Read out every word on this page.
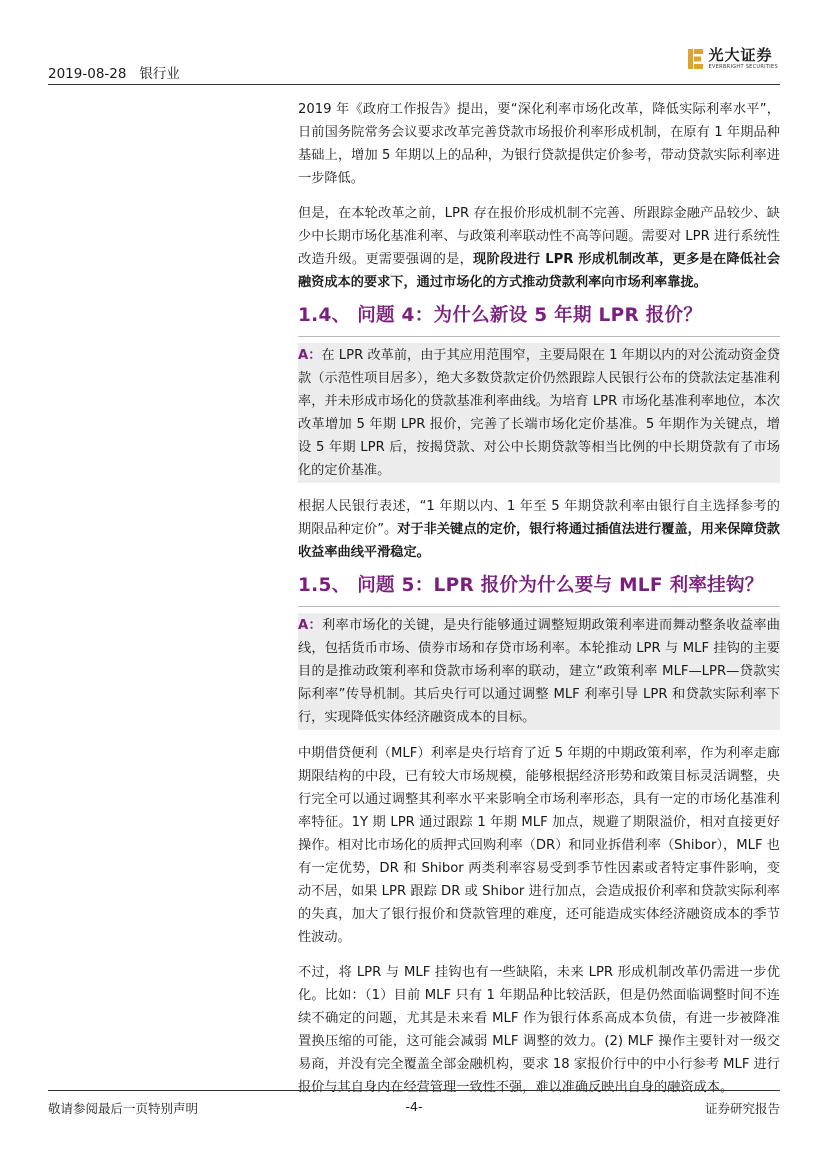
2019-08-28 银行业
光大证券
EVERBRIGHT SECURITIES

2019 年《政府工作报告》提出，要“深化利率市场化改革，降低实际利率水平”，日前国务院常务会议要求改革完善贷款市场报价利率形成机制，在原有 1 年期品种基础上，增加 5 年期以上的品种，为银行贷款提供定价参考，带动贷款实际利率进一步降低。

但是，在本轮改革之前，LPR 存在报价形成机制不完善、所跟踪金融产品较少、缺少中长期市场化基准利率、与政策利率联动性不高等问题。需要对 LPR 进行系统性改造升级。更需要强调的是，现阶段进行 LPR 形成机制改革，更多是在降低社会融资成本的要求下，通过市场化的方式推动贷款利率向市场利率靠拢。

1.4、 问题 4：为什么新设 5 年期 LPR 报价？

A：在 LPR 改革前，由于其应用范围窄，主要局限在 1 年期以内的对公流动资金贷款（示范性项目居多），绝大多数贷款定价仍然跟踪人民银行公布的贷款法定基准利率，并未形成市场化的贷款基准利率曲线。为培育 LPR 市场化基准利率地位，本次改革增加 5 年期 LPR 报价，完善了长端市场化定价基准。5 年期作为关键点，增设 5 年期 LPR 后，按揭贷款、对公中长期贷款等相当比例的中长期贷款有了市场化的定价基准。

根据人民银行表述，“1 年期以内、1 年至 5 年期贷款利率由银行自主选择参考的期限品种定价”。对于非关键点的定价，银行将通过插值法进行覆盖，用来保障贷款收益率曲线平滑稳定。

1.5、 问题 5：LPR 报价为什么要与 MLF 利率挂钩？

A：利率市场化的关键，是央行能够通过调整短期政策利率进而舞动整条收益率曲线，包括货币市场、债券市场和存贷市场利率。本轮推动 LPR 与 MLF 挂钩的主要目的是推动政策利率和贷款市场利率的联动，建立“政策利率 MLF—LPR—贷款实际利率”传导机制。其后央行可以通过调整 MLF 利率引导 LPR 和贷款实际利率下行，实现降低实体经济融资成本的目标。

中期借贷便利（MLF）利率是央行培育了近 5 年期的中期政策利率，作为利率走廊期限结构的中段，已有较大市场规模，能够根据经济形势和政策目标灵活调整，央行完全可以通过调整其利率水平来影响全市场利率形态，具有一定的市场化基准利率特征。1Y 期 LPR 通过跟踪 1 年期 MLF 加点，规避了期限溢价，相对直接更好操作。相对比市场化的质押式回购利率（DR）和同业拆借利率（Shibor），MLF 也有一定优势，DR 和 Shibor 两类利率容易受到季节性因素或者特定事件影响，变动不居，如果 LPR 跟踪 DR 或 Shibor 进行加点，会造成报价利率和贷款实际利率的失真，加大了银行报价和贷款管理的难度，还可能造成实体经济融资成本的季节性波动。

不过，将 LPR 与 MLF 挂钩也有一些缺陷，未来 LPR 形成机制改革仍需进一步优化。比如：（1）目前 MLF 只有 1 年期品种比较活跃，但是仍然面临调整时间不连续不确定的问题，尤其是未来看 MLF 作为银行体系高成本负债，有进一步被降准置换压缩的可能，这可能会减弱 MLF 调整的效力。(2) MLF 操作主要针对一级交易商，并没有完全覆盖全部金融机构，要求 18 家报价行中的中小行参考 MLF 进行报价与其自身内在经营管理一致性不强，难以准确反映出自身的融资成本。

敬请参阅最后一页特别声明	-4-	证券研究报告
